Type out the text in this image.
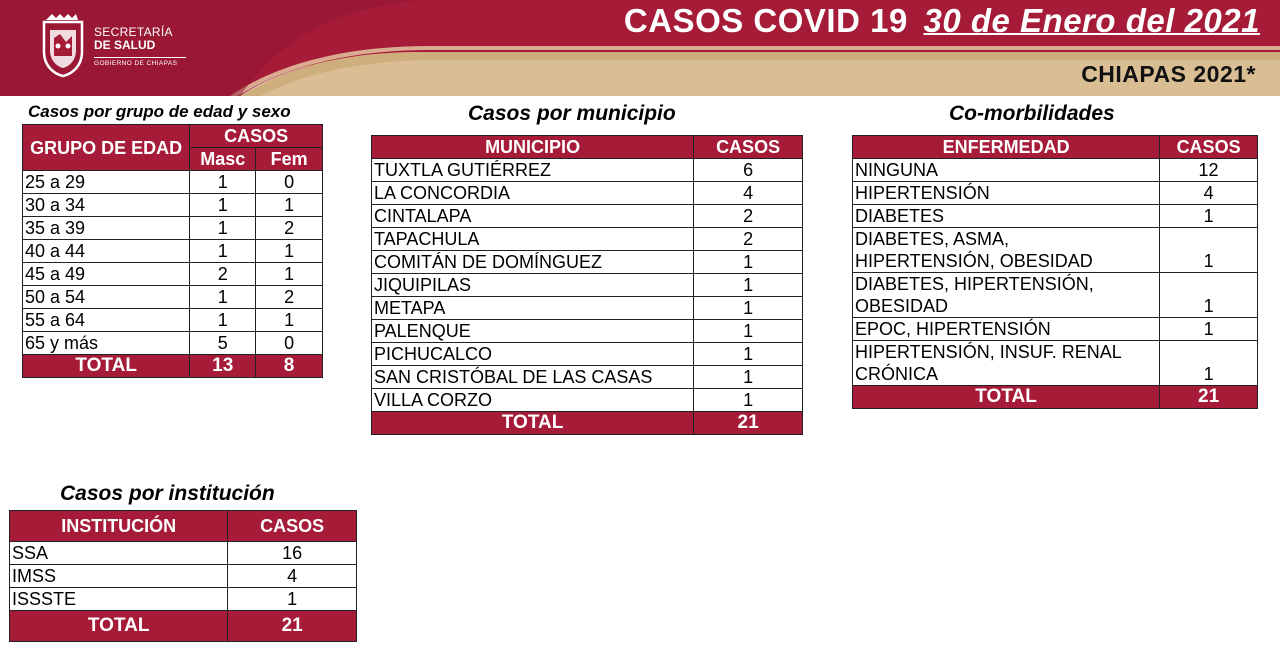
SECRETARÍA
DE SALUD
GOBIERNO DE CHIAPAS
CASOS COVID 19 30 de Enero del 2021
CHIAPAS 2021*
Casos por grupo de edad y sexo
GRUPO DE EDAD	CASOS	
	Masc	Fem
25 a 29	1	0
30 a 34	1	1
35 a 39	1	2
40 a 44	1	1
45 a 49	2	1
50 a 54	1	2
55 a 64	1	1
65 y más	5	0
TOTAL	13	8
Casos por municipio
MUNICIPIO	CASOS
TUXTLA GUTIÉRREZ	6
LA CONCORDIA	4
CINTALAPA	2
TAPACHULA	2
COMITÁN DE DOMÍNGUEZ	1
JIQUIPILAS	1
METAPA	1
PALENQUE	1
PICHUCALCO	1
SAN CRISTÓBAL DE LAS CASAS	1
VILLA CORZO	1
TOTAL	21
Co-morbilidades
ENFERMEDAD	CASOS
NINGUNA	12
HIPERTENSIÓN	4
DIABETES	1

DIABETES, ASMA,
HIPERTENSIÓN, OBESIDAD	1

DIABETES, HIPERTENSIÓN,
OBESIDAD	1
EPOC, HIPERTENSIÓN	1

HIPERTENSIÓN, INSUF. RENAL
CRÓNICA	1
TOTAL	21
Casos por institución
INSTITUCIÓN	CASOS
SSA	16
IMSS	4
ISSSTE	1
TOTAL	21
